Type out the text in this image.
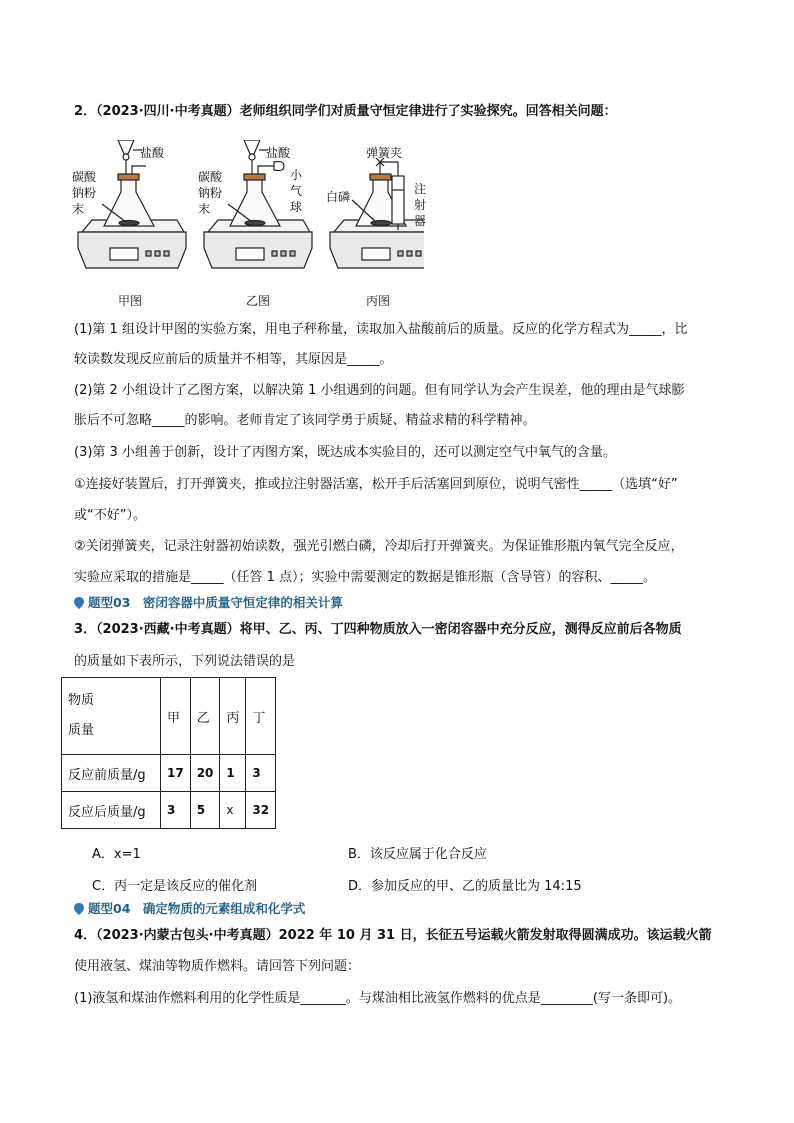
2．（2023·四川·中考真题）老师组织同学们对质量守恒定律进行了实验探究。回答相关问题：
盐酸
碳酸
钠粉
末
甲图
盐酸
碳酸
钠粉
末
小
气
球
乙图
弹簧夹
白磷
注
射
器
丙图
(1)第 1 组设计甲图的实验方案，用电子秤称量，读取加入盐酸前后的质量。反应的化学方程式为_____，比
较读数发现反应前后的质量并不相等，其原因是_____。
(2)第 2 小组设计了乙图方案，以解决第 1 小组遇到的问题。但有同学认为会产生误差，他的理由是气球膨
胀后不可忽略_____的影响。老师肯定了该同学勇于质疑、精益求精的科学精神。
(3)第 3 小组善于创新，设计了丙图方案，既达成本实验目的，还可以测定空气中氧气的含量。
①连接好装置后，打开弹簧夹，推或拉注射器活塞，松开手后活塞回到原位，说明气密性_____（选填“好”
或“不好”）。
②关闭弹簧夹，记录注射器初始读数，强光引燃白磷，冷却后打开弹簧夹。为保证锥形瓶内氧气完全反应，
实验应采取的措施是_____（任答 1 点）；实验中需要测定的数据是锥形瓶（含导管）的容积、_____。
题型03　密闭容器中质量守恒定律的相关计算
3．（2023·西藏·中考真题）将甲、乙、丙、丁四种物质放入一密闭容器中充分反应，测得反应前后各物质
的质量如下表所示，下列说法错误的是
物质
质量	甲	乙	丙	丁
反应前质量/g	17	20	1	3
反应后质量/g	3	5	x	32
A．x=1	B．该反应属于化合反应
C．丙一定是该反应的催化剂	D．参加反应的甲、乙的质量比为 14:15
题型04　确定物质的元素组成和化学式
4．（2023·内蒙古包头·中考真题）2022 年 10 月 31 日，长征五号运载火箭发射取得圆满成功。该运载火箭
使用液氢、煤油等物质作燃料。请回答下列问题：
(1)液氢和煤油作燃料利用的化学性质是_______。与煤油相比液氢作燃料的优点是________(写一条即可)。
